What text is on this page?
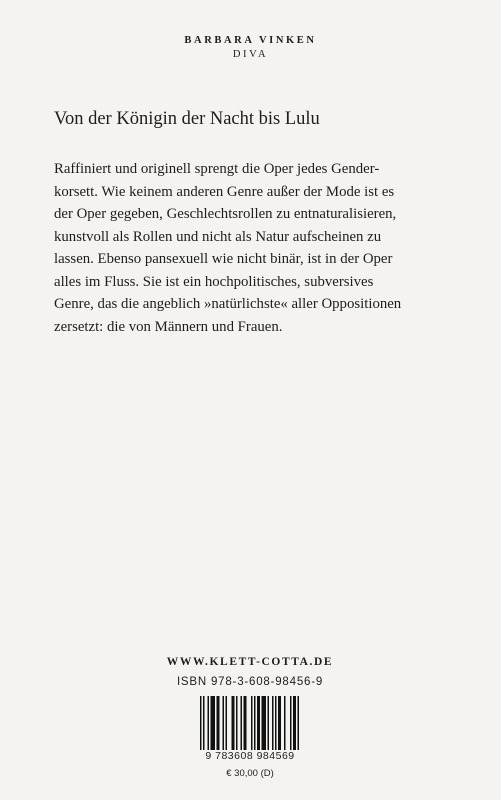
BARBARA VINKEN
DIVA
Von der Königin der Nacht bis Lulu
Raffiniert und originell sprengt die Oper jedes Gender-
korsett. Wie keinem anderen Genre außer der Mode ist es
der Oper gegeben, Geschlechtsrollen zu entnaturalisieren,
kunstvoll als Rollen und nicht als Natur aufscheinen zu
lassen. Ebenso pansexuell wie nicht binär, ist in der Oper
alles im Fluss. Sie ist ein hochpolitisches, subversives
Genre, das die angeblich »natürlichste« aller Oppositionen
zersetzt: die von Männern und Frauen.
WWW.KLETT-COTTA.DE
ISBN 978-3-608-98456-9
9 783608 984569
€ 30,00 (D)
